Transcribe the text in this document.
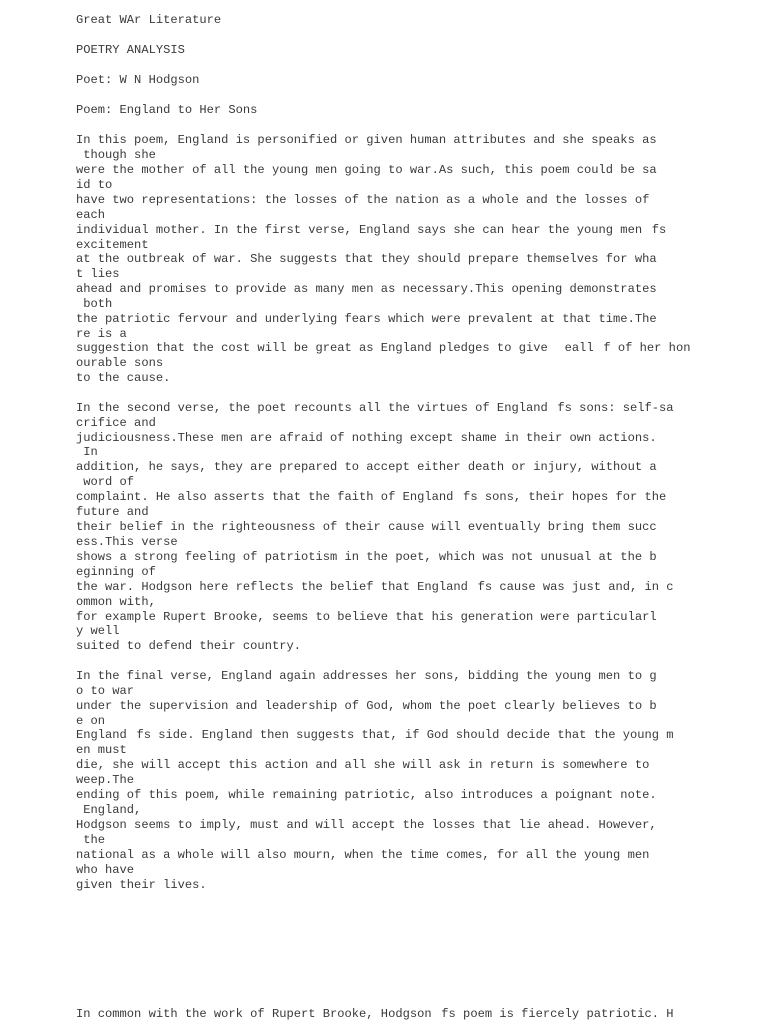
Great WAr Literature

POETRY ANALYSIS

Poet: W N Hodgson

Poem: England to Her Sons

In this poem, England is personified or given human attributes and she speaks as

though she

were the mother of all the young men going to war.As such, this poem could be sa

id to

have two representations: the losses of the nation as a whole and the losses of

each

individual mother. In the first verse, England says she can hear the young menfs

excitement

at the outbreak of war. She suggests that they should prepare themselves for wha

t lies

ahead and promises to provide as many men as necessary.This opening demonstrates

both

the patriotic fervour and underlying fears which were prevalent at that time.The

re is a

suggestion that the cost will be great as England pledges to give eallf of her hon

ourable sons

to the cause.

In the second verse, the poet recounts all the virtues of Englandfs sons: self-sa

crifice and

judiciousness.These men are afraid of nothing except shame in their own actions.

In

addition, he says, they are prepared to accept either death or injury, without a

word of

complaint. He also asserts that the faith of Englandfs sons, their hopes for the

future and

their belief in the righteousness of their cause will eventually bring them succ

ess.This verse

shows a strong feeling of patriotism in the poet, which was not unusual at the b

eginning of

the war. Hodgson here reflects the belief that Englandfs cause was just and, in c

ommon with,

for example Rupert Brooke, seems to believe that his generation were particularl

y well

suited to defend their country.

In the final verse, England again addresses her sons, bidding the young men to g

o to war

under the supervision and leadership of God, whom the poet clearly believes to b

e on

Englandfs side. England then suggests that, if God should decide that the young m

en must

die, she will accept this action and all she will ask in return is somewhere to

weep.The

ending of this poem, while remaining patriotic, also introduces a poignant note.

England,

Hodgson seems to imply, must and will accept the losses that lie ahead. However,

the

national as a whole will also mourn, when the time comes, for all the young men

who have

given their lives.

In common with the work of Rupert Brooke, Hodgsonfs poem is fiercely patriotic. H
